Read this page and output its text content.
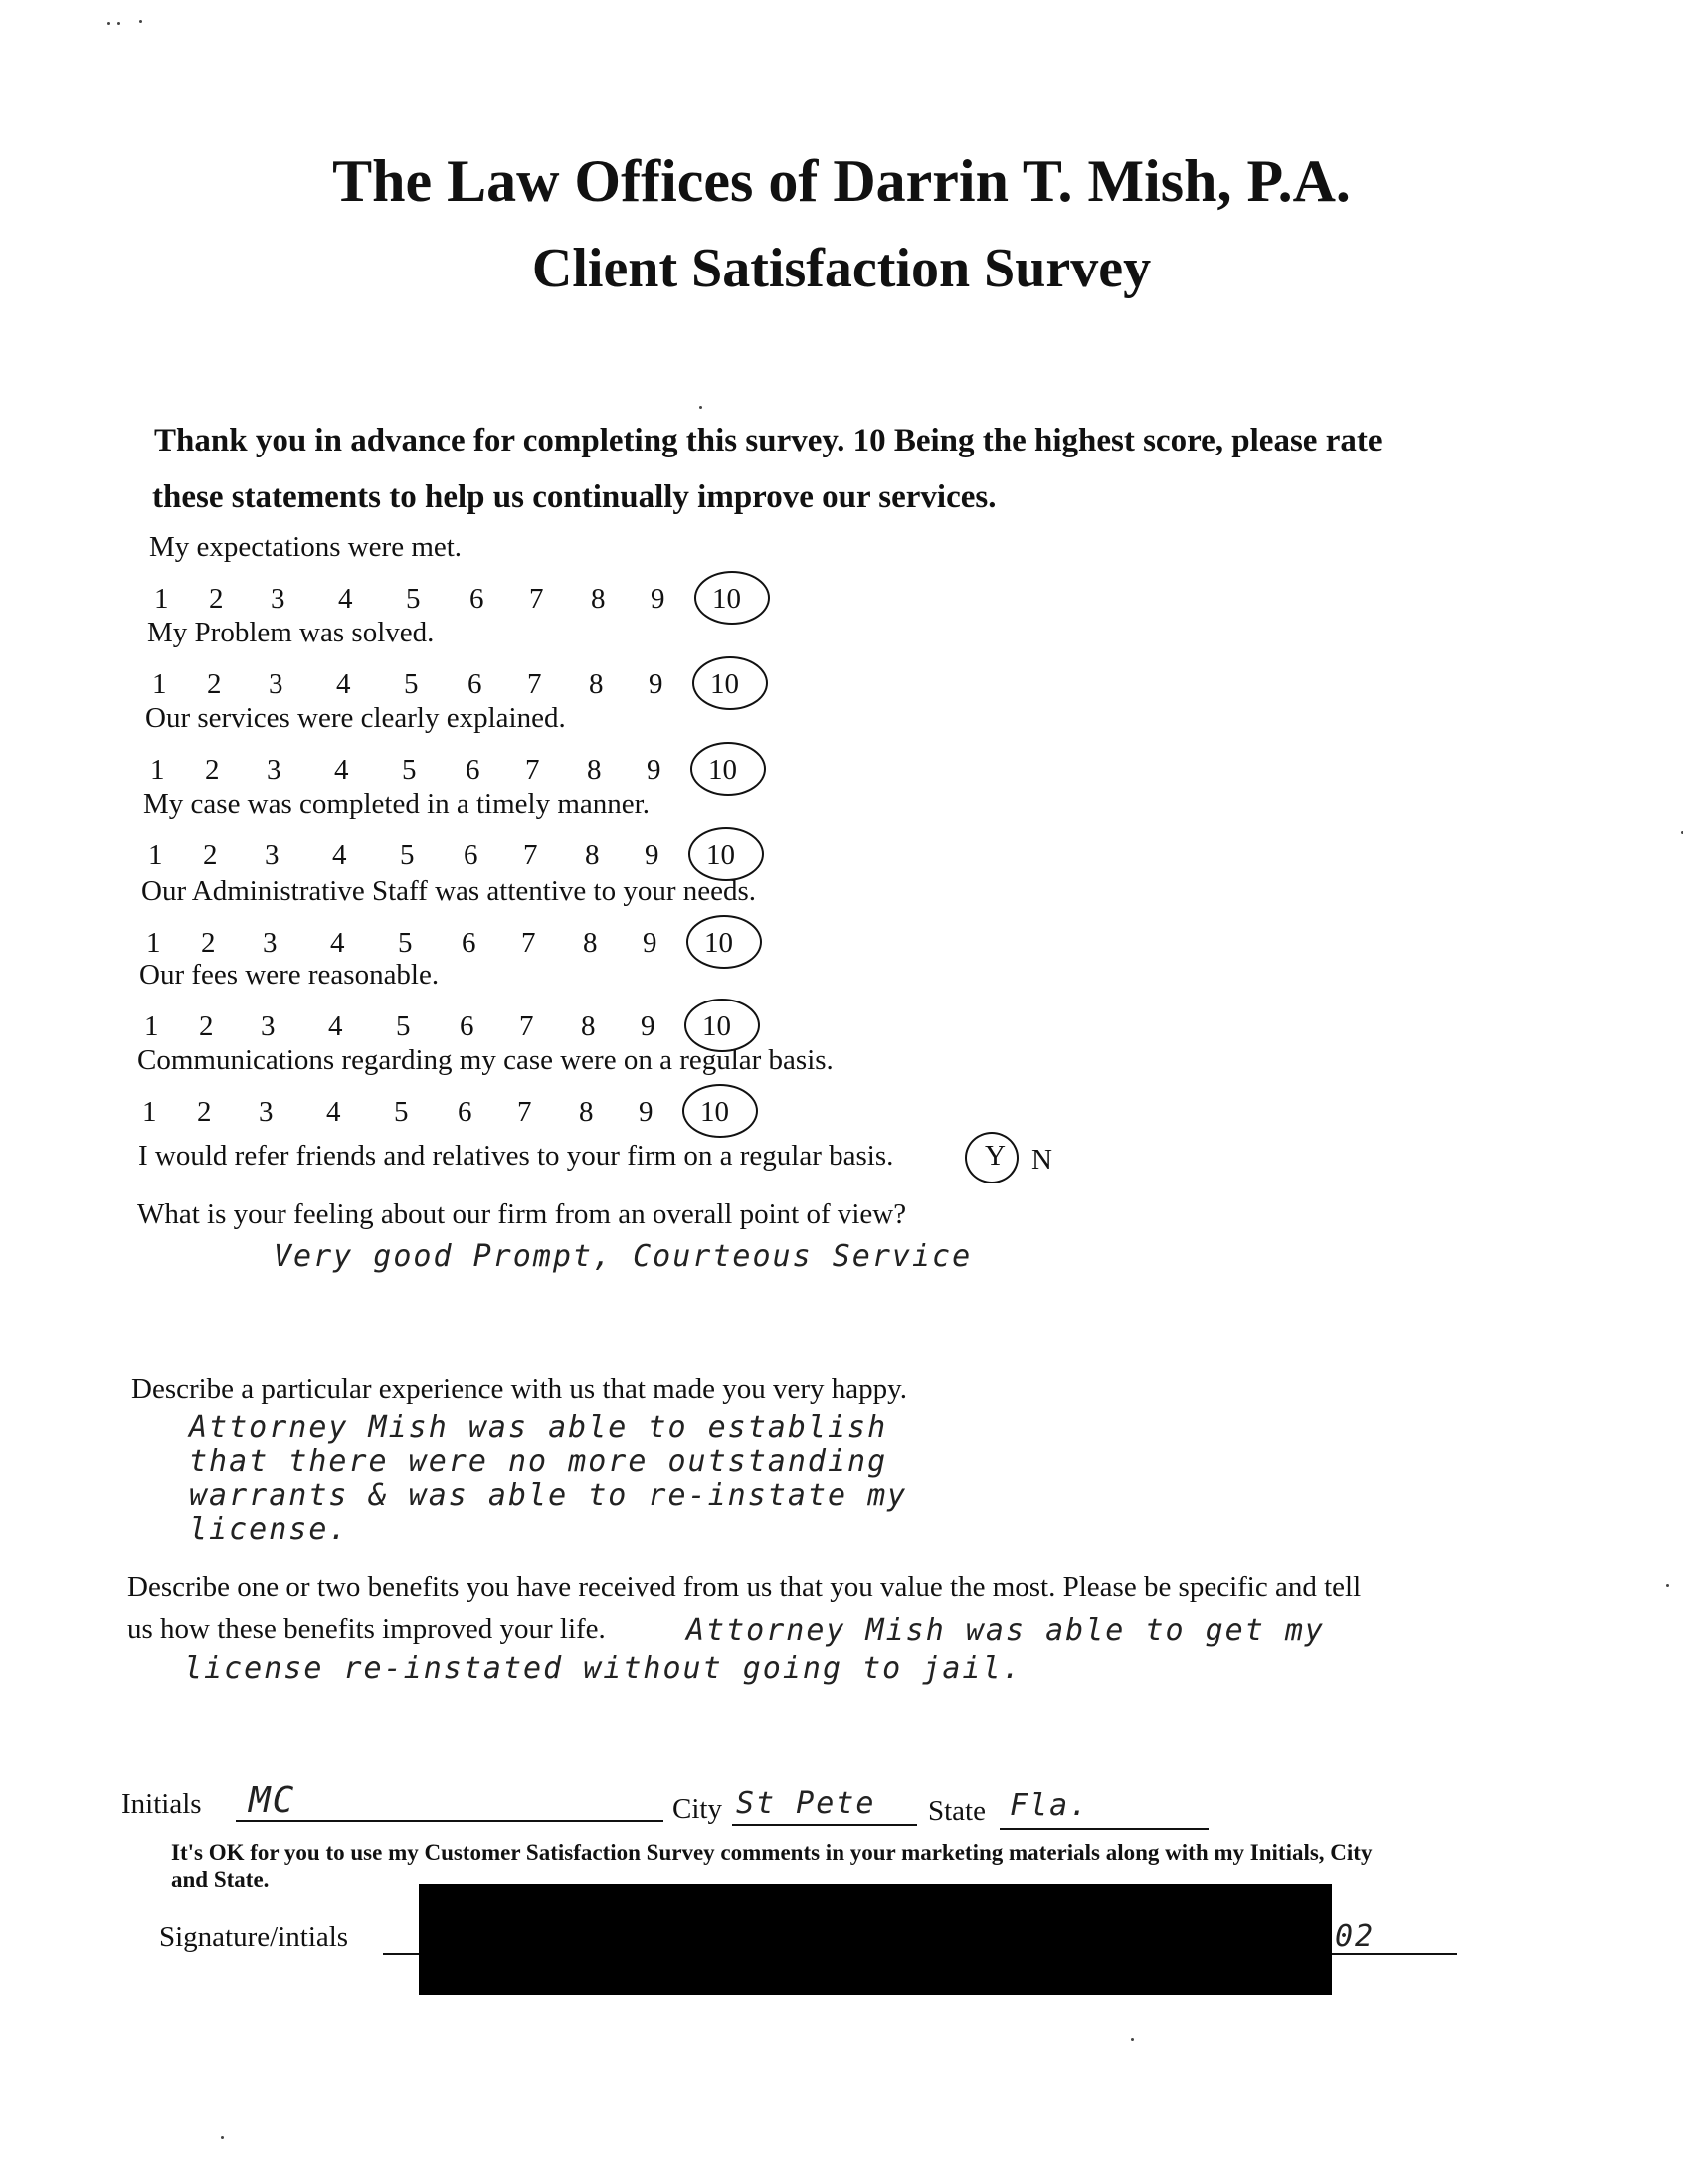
The Law Offices of Darrin T. Mish, P.A.
Client Satisfaction Survey
Thank you in advance for completing this survey. 10 Being the highest score, please rate
these statements to help us continually improve our services.
My expectations were met.
1 2 3 4 5 6 7 8 9 10
My Problem was solved.
1 2 3 4 5 6 7 8 9 10
Our services were clearly explained.
1 2 3 4 5 6 7 8 9 10
My case was completed in a timely manner.
1 2 3 4 5 6 7 8 9 10
Our Administrative Staff was attentive to your needs.
1 2 3 4 5 6 7 8 9 10
Our fees were reasonable.
1 2 3 4 5 6 7 8 9 10
Communications regarding my case were on a regular basis.
1 2 3 4 5 6 7 8 9 10
I would refer friends and relatives to your firm on a regular basis.	Y N
What is your feeling about our firm from an overall point of view?
Very good Prompt, Courteous Service
Describe a particular experience with us that made you very happy.
Attorney Mish was able to establish
that there were no more outstanding
warrants & was able to re-instate my
license.
Describe one or two benefits you have received from us that you value the most. Please be specific and tell
us how these benefits improved your life.	Attorney Mish was able to get my
license re-instated without going to jail.
Initials MC	City St Pete State Fla.
It's OK for you to use my Customer Satisfaction Survey comments in your marketing materials along with my Initials, City
and State.
Signature/intials	02
